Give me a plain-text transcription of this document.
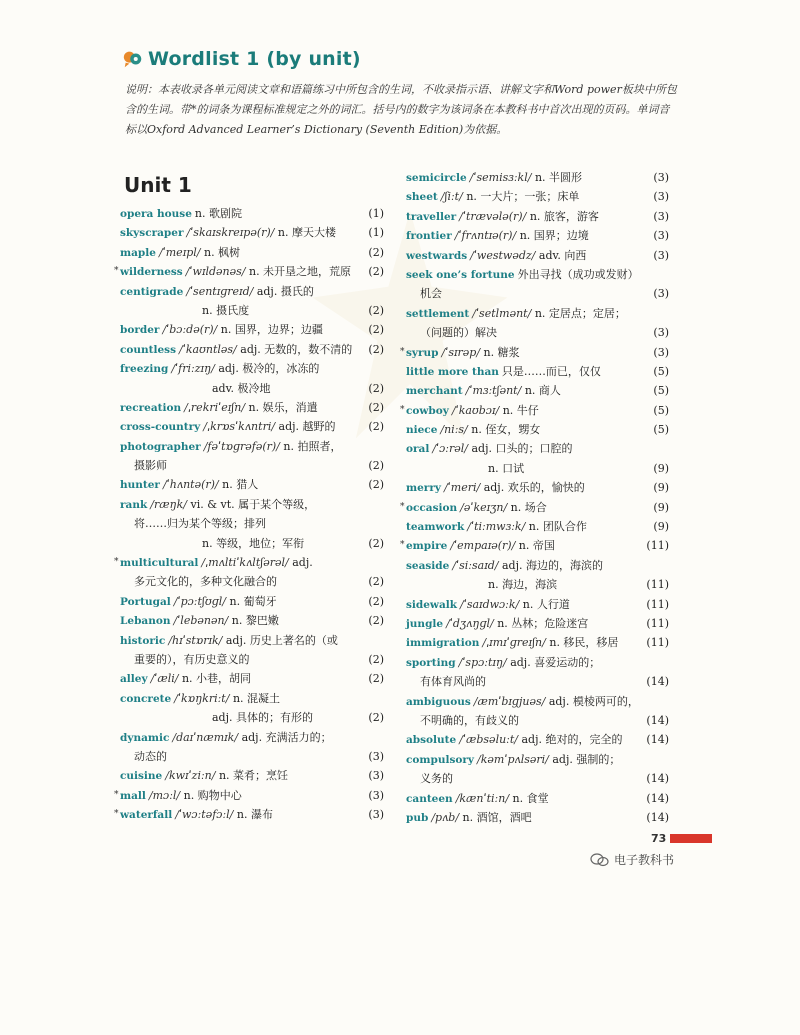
Wordlist 1 (by unit)

说明：本表收录各单元阅读文章和语篇练习中所包含的生词，不收录指示语、讲解文字和Word power板块中所包含的生词。带*的词条为课程标准规定之外的词汇。括号内的数字为该词条在本教科书中首次出现的页码。单词音标以Oxford Advanced Learner’s Dictionary (Seventh Edition)为依据。

Unit 1
opera house n. 歌剧院	(1)
skyscraper /ˈskaɪskreɪpə(r)/ n. 摩天大楼	(1)
maple /ˈmeɪpl/ n. 枫树	(2)
* wilderness /ˈwɪldənəs/ n. 未开垦之地，荒原 (2)
centigrade /ˈsentɪɡreɪd/ adj. 摄氏的
n. 摄氏度	(2)
border /ˈbɔːdə(r)/ n. 国界，边界；边疆	(2)
countless /ˈkaʊntləs/ adj. 无数的，数不清的 (2)
freezing /ˈfriːzɪŋ/ adj. 极冷的，冰冻的
adv. 极冷地	(2)
recreation /ˌrekriˈeɪʃn/ n. 娱乐，消遣	(2)
cross-country /ˌkrɒsˈkʌntri/ adj. 越野的	(2)
photographer /fəˈtɒɡrəfə(r)/ n. 拍照者，
摄影师	(2)
hunter /ˈhʌntə(r)/ n. 猎人	(2)
rank /ræŋk/ vi. & vt. 属于某个等级，
将……归为某个等级；排列
n. 等级，地位；军衔	(2)
* multicultural /ˌmʌltiˈkʌltʃərəl/ adj.
多元文化的，多种文化融合的	(2)
Portugal /ˈpɔːtʃʊɡl/ n. 葡萄牙	(2)
Lebanon /ˈlebənən/ n. 黎巴嫩	(2)
historic /hɪˈstɒrɪk/ adj. 历史上著名的（或
重要的），有历史意义的	(2)
alley /ˈæli/ n. 小巷，胡同	(2)
concrete /ˈkɒŋkriːt/ n. 混凝土
adj. 具体的；有形的	(2)
dynamic /daɪˈnæmɪk/ adj. 充满活力的；
动态的	(3)
cuisine /kwɪˈziːn/ n. 菜肴；烹饪	(3)
* mall /mɔːl/ n. 购物中心	(3)
* waterfall /ˈwɔːtəfɔːl/ n. 瀑布	(3)
semicircle /ˈsemisɜːkl/ n. 半圆形	(3)
sheet /ʃiːt/ n. 一大片；一张；床单	(3)
traveller /ˈtrævələ(r)/ n. 旅客，游客	(3)
frontier /ˈfrʌntɪə(r)/ n. 国界；边境	(3)
westwards /ˈwestwədz/ adv. 向西	(3)
seek one’s fortune 外出寻找（成功或发财）
机会	(3)
settlement /ˈsetlmənt/ n. 定居点；定居；
（问题的）解决	(3)
* syrup /ˈsɪrəp/ n. 糖浆	(3)
little more than 只是……而已，仅仅	(5)
merchant /ˈmɜːtʃənt/ n. 商人	(5)
* cowboy /ˈkaʊbɔɪ/ n. 牛仔	(5)
niece /niːs/ n. 侄女，甥女	(5)
oral /ˈɔːrəl/ adj. 口头的；口腔的
n. 口试	(9)
merry /ˈmeri/ adj. 欢乐的，愉快的	(9)
* occasion /əˈkeɪʒn/ n. 场合	(9)
teamwork /ˈtiːmwɜːk/ n. 团队合作	(9)
* empire /ˈempaɪə(r)/ n. 帝国	(11)
seaside /ˈsiːsaɪd/ adj. 海边的，海滨的
n. 海边，海滨	(11)
sidewalk /ˈsaɪdwɔːk/ n. 人行道	(11)
jungle /ˈdʒʌŋɡl/ n. 丛林；危险迷宫	(11)
immigration /ˌɪmɪˈɡreɪʃn/ n. 移民，移居	(11)
sporting /ˈspɔːtɪŋ/ adj. 喜爱运动的；
有体育风尚的	(14)
ambiguous /æmˈbɪɡjuəs/ adj. 模棱两可的，
不明确的，有歧义的	(14)
absolute /ˈæbsəluːt/ adj. 绝对的，完全的 (14)
compulsory /kəmˈpʌlsəri/ adj. 强制的；
义务的	(14)
canteen /kænˈtiːn/ n. 食堂	(14)
pub /pʌb/ n. 酒馆，酒吧	(14)
73
电子教科书
